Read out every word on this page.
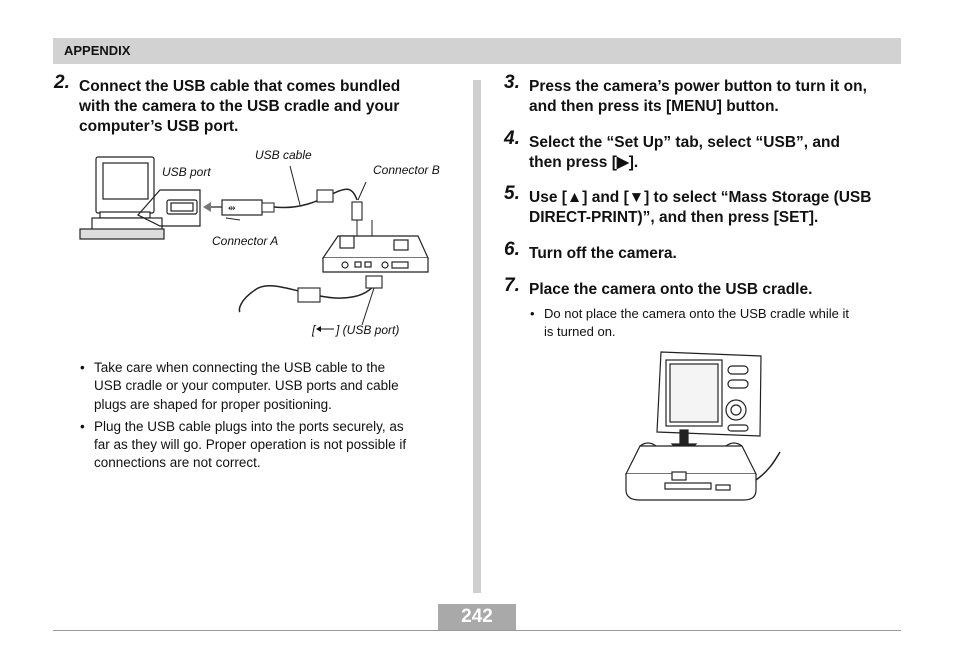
APPENDIX
2. Connect the USB cable that comes bundled
with the camera to the USB cradle and your
computer’s USB port.
⇹
[
USB cable
USB port	Connector B
Connector A
] (USB port)
• Take care when connecting the USB cable to the
USB cradle or your computer. USB ports and cable
plugs are shaped for proper positioning.
• Plug the USB cable plugs into the ports securely, as
far as they will go. Proper operation is not possible if
connections are not correct.
3. Press the camera’s power button to turn it on,
and then press its [MENU] button.
4. Select the “Set Up” tab, select “USB”, and
then press [▶].
5. Use [▲] and [▼] to select “Mass Storage (USB
DIRECT-PRINT)”, and then press [SET].
6. Turn off the camera.
7. Place the camera onto the USB cradle.
• Do not place the camera onto the USB cradle while it
is turned on.
242
